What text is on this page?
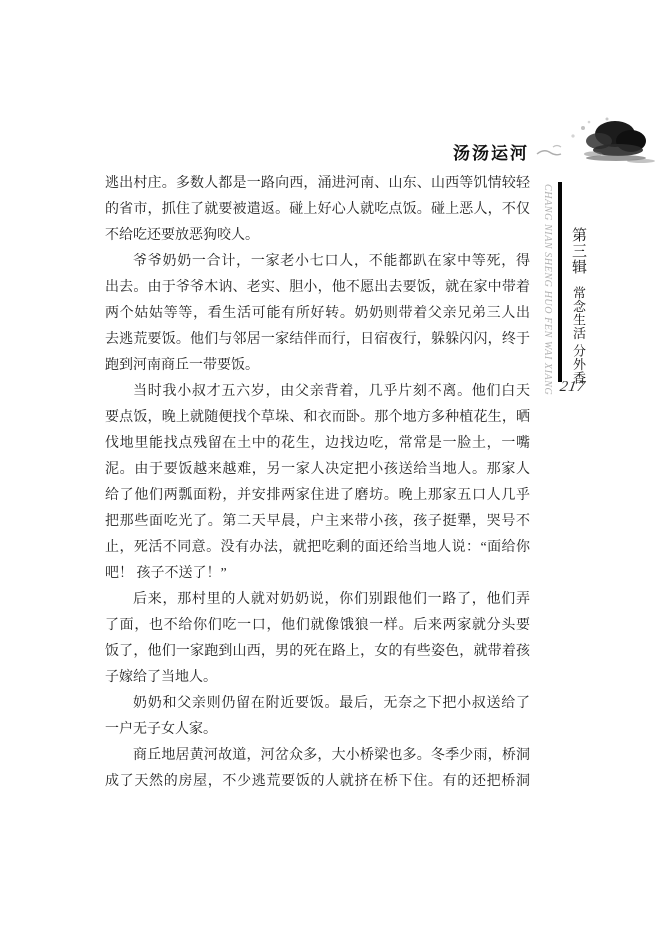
汤汤运河
逃出村庄。多数人都是一路向西，涌进河南、山东、山西等饥情较轻
的省市，抓住了就要被遣返。碰上好心人就吃点饭。碰上恶人，不仅
不给吃还要放恶狗咬人。
爷爷奶奶一合计，一家老小七口人，不能都趴在家中等死，得
出去。由于爷爷木讷、老实、胆小，他不愿出去要饭，就在家中带着
两个姑姑等等，看生活可能有所好转。奶奶则带着父亲兄弟三人出
去逃荒要饭。他们与邻居一家结伴而行，日宿夜行，躲躲闪闪，终于
跑到河南商丘一带要饭。
当时我小叔才五六岁，由父亲背着，几乎片刻不离。他们白天
要点饭，晚上就随便找个草垛、和衣而卧。那个地方多种植花生，晒
伐地里能找点残留在土中的花生，边找边吃，常常是一脸土，一嘴
泥。由于要饭越来越难，另一家人决定把小孩送给当地人。那家人
给了他们两瓢面粉，并安排两家住进了磨坊。晚上那家五口人几乎
把那些面吃光了。第二天早晨，户主来带小孩，孩子挺犟，哭号不
止，死活不同意。没有办法，就把吃剩的面还给当地人说：“面给你
吧！ 孩子不送了！”
后来，那村里的人就对奶奶说，你们别跟他们一路了，他们弄
了面，也不给你们吃一口，他们就像饿狼一样。后来两家就分头要
饭了，他们一家跑到山西，男的死在路上，女的有些姿色，就带着孩
子嫁给了当地人。
奶奶和父亲则仍留在附近要饭。最后，无奈之下把小叔送给了
一户无子女人家。
商丘地居黄河故道，河岔众多，大小桥梁也多。冬季少雨，桥洞
成了天然的房屋，不少逃荒要饭的人就挤在桥下住。有的还把桥洞
CHANG NIAN SHENG HUO FEN WAI XIANG 第三辑
常念生活
分外香
217
